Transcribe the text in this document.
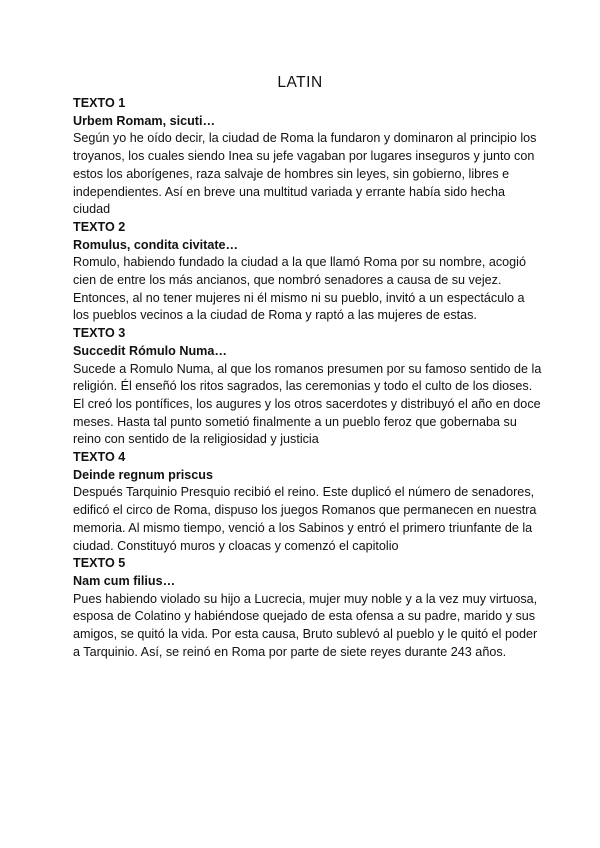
LATIN
TEXTO 1
Urbem Romam, sicuti…
Según yo he oído decir, la ciudad de Roma la fundaron y dominaron al principio los troyanos, los cuales siendo Inea su jefe vagaban por lugares inseguros y junto con estos los aborígenes, raza salvaje de hombres sin leyes, sin gobierno, libres e independientes. Así en breve una multitud variada y errante había sido hecha ciudad
TEXTO 2
Romulus, condita civitate…
Romulo, habiendo fundado la ciudad a la que llamó Roma por su nombre, acogió cien de entre los más ancianos, que nombró senadores a causa de su vejez. Entonces, al no tener mujeres ni él mismo ni su pueblo, invitó a un espectáculo a los pueblos vecinos a la ciudad de Roma y raptó a las mujeres de estas.
TEXTO 3
Succedit Rómulo Numa…
Sucede a Romulo Numa, al que los romanos presumen por su famoso sentido de la religión. Él enseñó los ritos sagrados, las ceremonias y todo el culto de los dioses. El creó los pontífices, los augures y los otros sacerdotes y distribuyó el año en doce meses. Hasta tal punto sometió finalmente a un pueblo feroz que gobernaba su reino con sentido de la religiosidad y justicia
TEXTO 4
Deinde regnum priscus
Después Tarquinio Presquio recibió el reino. Este duplicó el número de senadores, edificó el circo de Roma, dispuso los juegos Romanos que permanecen en nuestra memoria. Al mismo tiempo, venció a los Sabinos y entró el primero triunfante de la ciudad. Constituyó muros y cloacas y comenzó el capitolio
TEXTO 5
Nam cum filius…
Pues habiendo violado su hijo a Lucrecia, mujer muy noble y a la vez muy virtuosa, esposa de Colatino y habiéndose quejado de esta ofensa a su padre, marido y sus amigos, se quitó la vida. Por esta causa, Bruto sublevó al pueblo y le quitó el poder a Tarquinio. Así, se reinó en Roma por parte de siete reyes durante 243 años.
